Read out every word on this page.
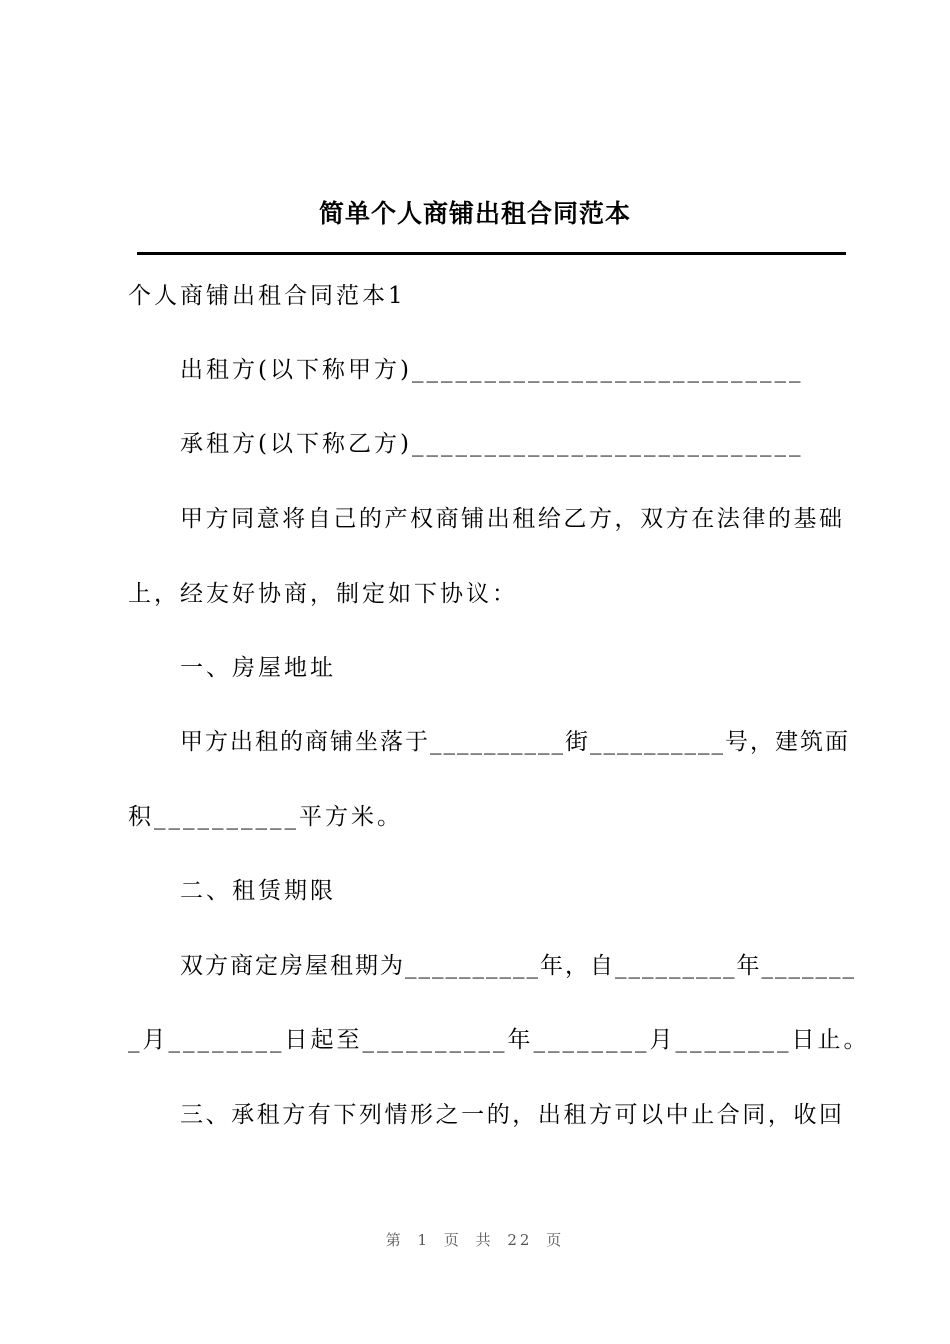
简单个人商铺出租合同范本
个人商铺出租合同范本1
出租方(以下称甲方)___________________________
承租方(以下称乙方)___________________________
甲方同意将自己的产权商铺出租给乙方，双方在法律的基础
上，经友好协商，制定如下协议：
一、房屋地址
甲方出租的商铺坐落于__________街__________号，建筑面
积__________平方米。
二、租赁期限
双方商定房屋租期为__________年，自_________年_______
_月________日起至__________年________月________日止。
三、承租方有下列情形之一的，出租方可以中止合同，收回
第 1 页 共 22 页
